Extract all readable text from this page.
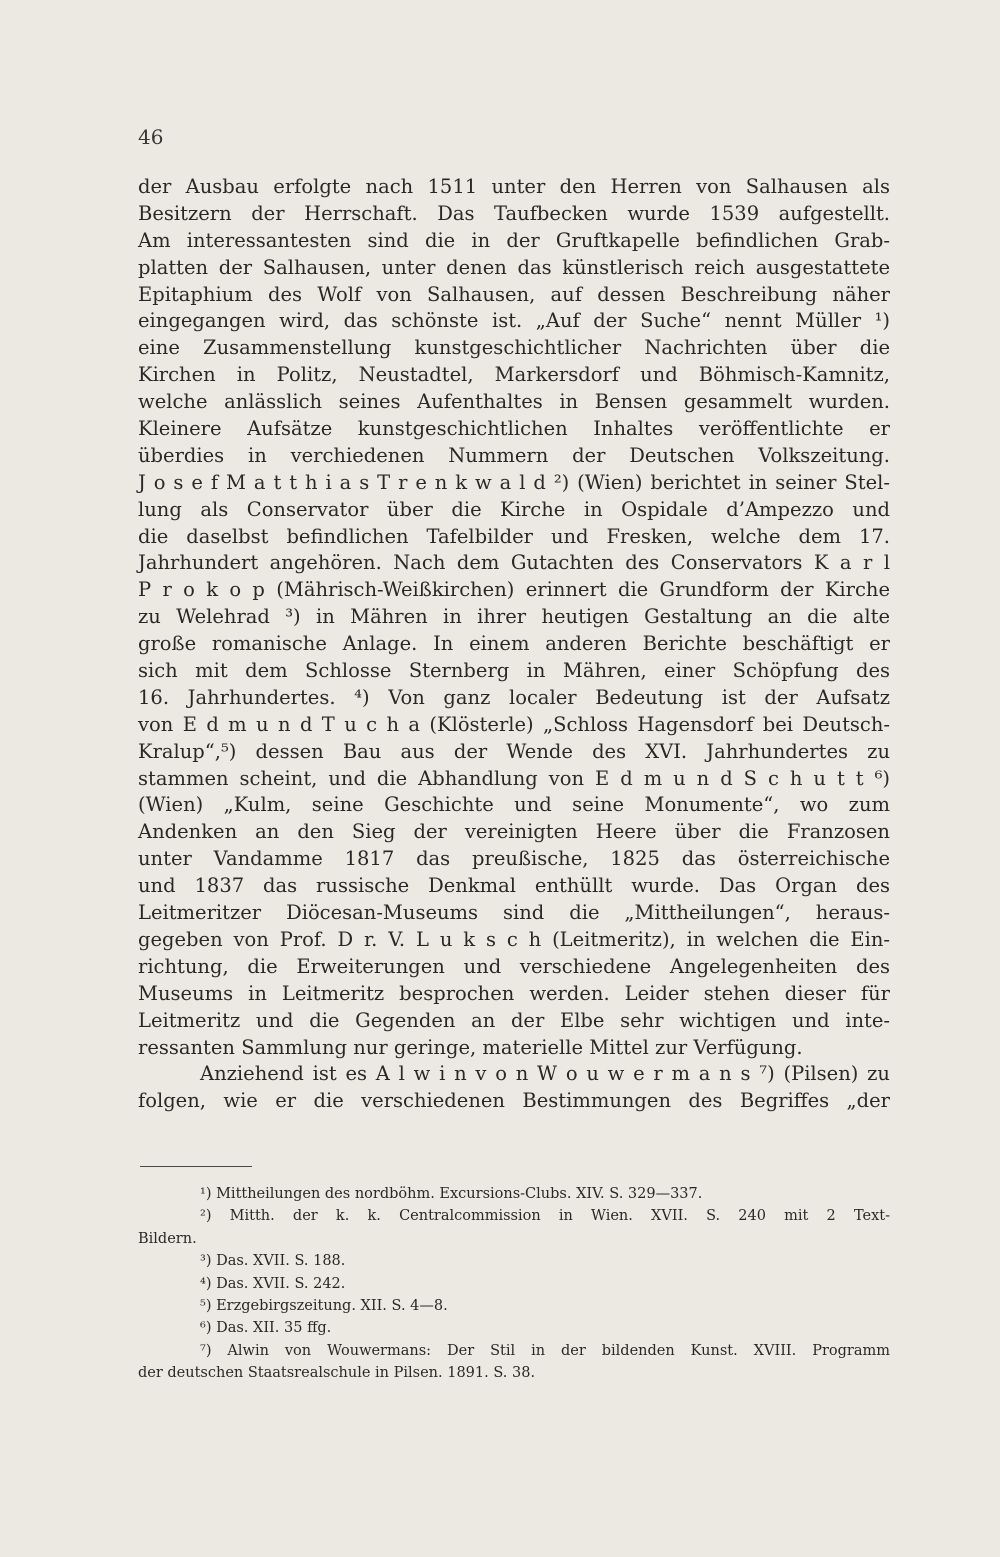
46
der Ausbau erfolgte nach 1511 unter den Herren von Salhausen als
Besitzern der Herrschaft. Das Taufbecken wurde 1539 aufgestellt.
Am interessantesten sind die in der Gruftkapelle befindlichen Grab-
platten der Salhausen, unter denen das künstlerisch reich ausgestattete
Epitaphium des Wolf von Salhausen, auf dessen Beschreibung näher
eingegangen wird, das schönste ist. „Auf der Suche“ nennt Müller ¹)
eine Zusammenstellung kunstgeschichtlicher Nachrichten über die
Kirchen in Politz, Neustadtel, Markersdorf und Böhmisch-Kamnitz,
welche anlässlich seines Aufenthaltes in Bensen gesammelt wurden.
Kleinere Aufsätze kunstgeschichtlichen Inhaltes veröffentlichte er
überdies in verchiedenen Nummern der Deutschen Volkszeitung.
J o s e f M a t t h i a s T r e n k w a l d ²) (Wien) berichtet in seiner Stel-
lung als Conservator über die Kirche in Ospidale d’Ampezzo und
die daselbst befindlichen Tafelbilder und Fresken, welche dem 17.
Jahrhundert angehören. Nach dem Gutachten des Conservators K a r l
P r o k o p (Mährisch-Weißkirchen) erinnert die Grundform der Kirche
zu Welehrad ³) in Mähren in ihrer heutigen Gestaltung an die alte
große romanische Anlage. In einem anderen Berichte beschäftigt er
sich mit dem Schlosse Sternberg in Mähren, einer Schöpfung des
16. Jahrhundertes. ⁴) Von ganz localer Bedeutung ist der Aufsatz
von E d m u n d T u c h a (Klösterle) „Schloss Hagensdorf bei Deutsch-
Kralup“,⁵) dessen Bau aus der Wende des XVI. Jahrhundertes zu
stammen scheint, und die Abhandlung von E d m u n d S c h u t t ⁶)
(Wien) „Kulm, seine Geschichte und seine Monumente“, wo zum
Andenken an den Sieg der vereinigten Heere über die Franzosen
unter Vandamme 1817 das preußische, 1825 das österreichische
und 1837 das russische Denkmal enthüllt wurde. Das Organ des
Leitmeritzer Diöcesan-Museums sind die „Mittheilungen“, heraus-
gegeben von Prof. D r. V. L u k s c h (Leitmeritz), in welchen die Ein-
richtung, die Erweiterungen und verschiedene Angelegenheiten des
Museums in Leitmeritz besprochen werden. Leider stehen dieser für
Leitmeritz und die Gegenden an der Elbe sehr wichtigen und inte-
ressanten Sammlung nur geringe, materielle Mittel zur Verfügung.
Anziehend ist es A l w i n v o n W o u w e r m a n s ⁷) (Pilsen) zu
folgen, wie er die verschiedenen Bestimmungen des Begriffes „der
¹) Mittheilungen des nordböhm. Excursions-Clubs. XIV. S. 329—337.
²) Mitth. der k. k. Centralcommission in Wien. XVII. S. 240 mit 2 Text-
Bildern.
³) Das. XVII. S. 188.
⁴) Das. XVII. S. 242.
⁵) Erzgebirgszeitung. XII. S. 4—8.
⁶) Das. XII. 35 ffg.
⁷) Alwin von Wouwermans: Der Stil in der bildenden Kunst. XVIII. Programm
der deutschen Staatsrealschule in Pilsen. 1891. S. 38.
